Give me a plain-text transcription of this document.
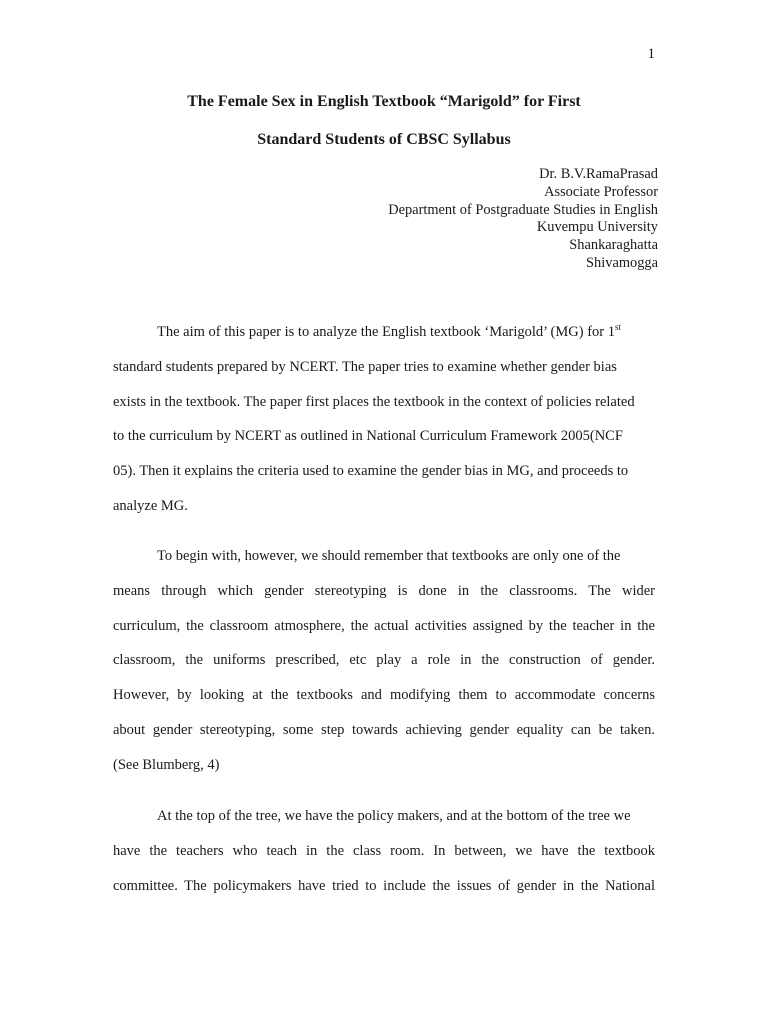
1
The Female Sex in English Textbook “Marigold” for First
Standard Students of CBSC Syllabus
Dr. B.V.RamaPrasad
Associate Professor
Department of Postgraduate Studies in English
Kuvempu University
Shankaraghatta
Shivamogga
The aim of this paper is to analyze the English textbook ‘Marigold’ (MG) for 1st
standard students prepared by NCERT. The paper tries to examine whether gender bias
exists in the textbook. The paper first places the textbook in the context of policies related
to the curriculum by NCERT as outlined in National Curriculum Framework 2005(NCF
05). Then it explains the criteria used to examine the gender bias in MG, and proceeds to
analyze MG.
To begin with, however, we should remember that textbooks are only one of the
means through which gender stereotyping is done in the classrooms. The wider
curriculum, the classroom atmosphere, the actual activities assigned by the teacher in the
classroom, the uniforms prescribed, etc play a role in the construction of gender.
However, by looking at the textbooks and modifying them to accommodate concerns
about gender stereotyping, some step towards achieving gender equality can be taken.
(See Blumberg, 4)
At the top of the tree, we have the policy makers, and at the bottom of the tree we
have the teachers who teach in the class room. In between, we have the textbook
committee. The policymakers have tried to include the issues of gender in the National
